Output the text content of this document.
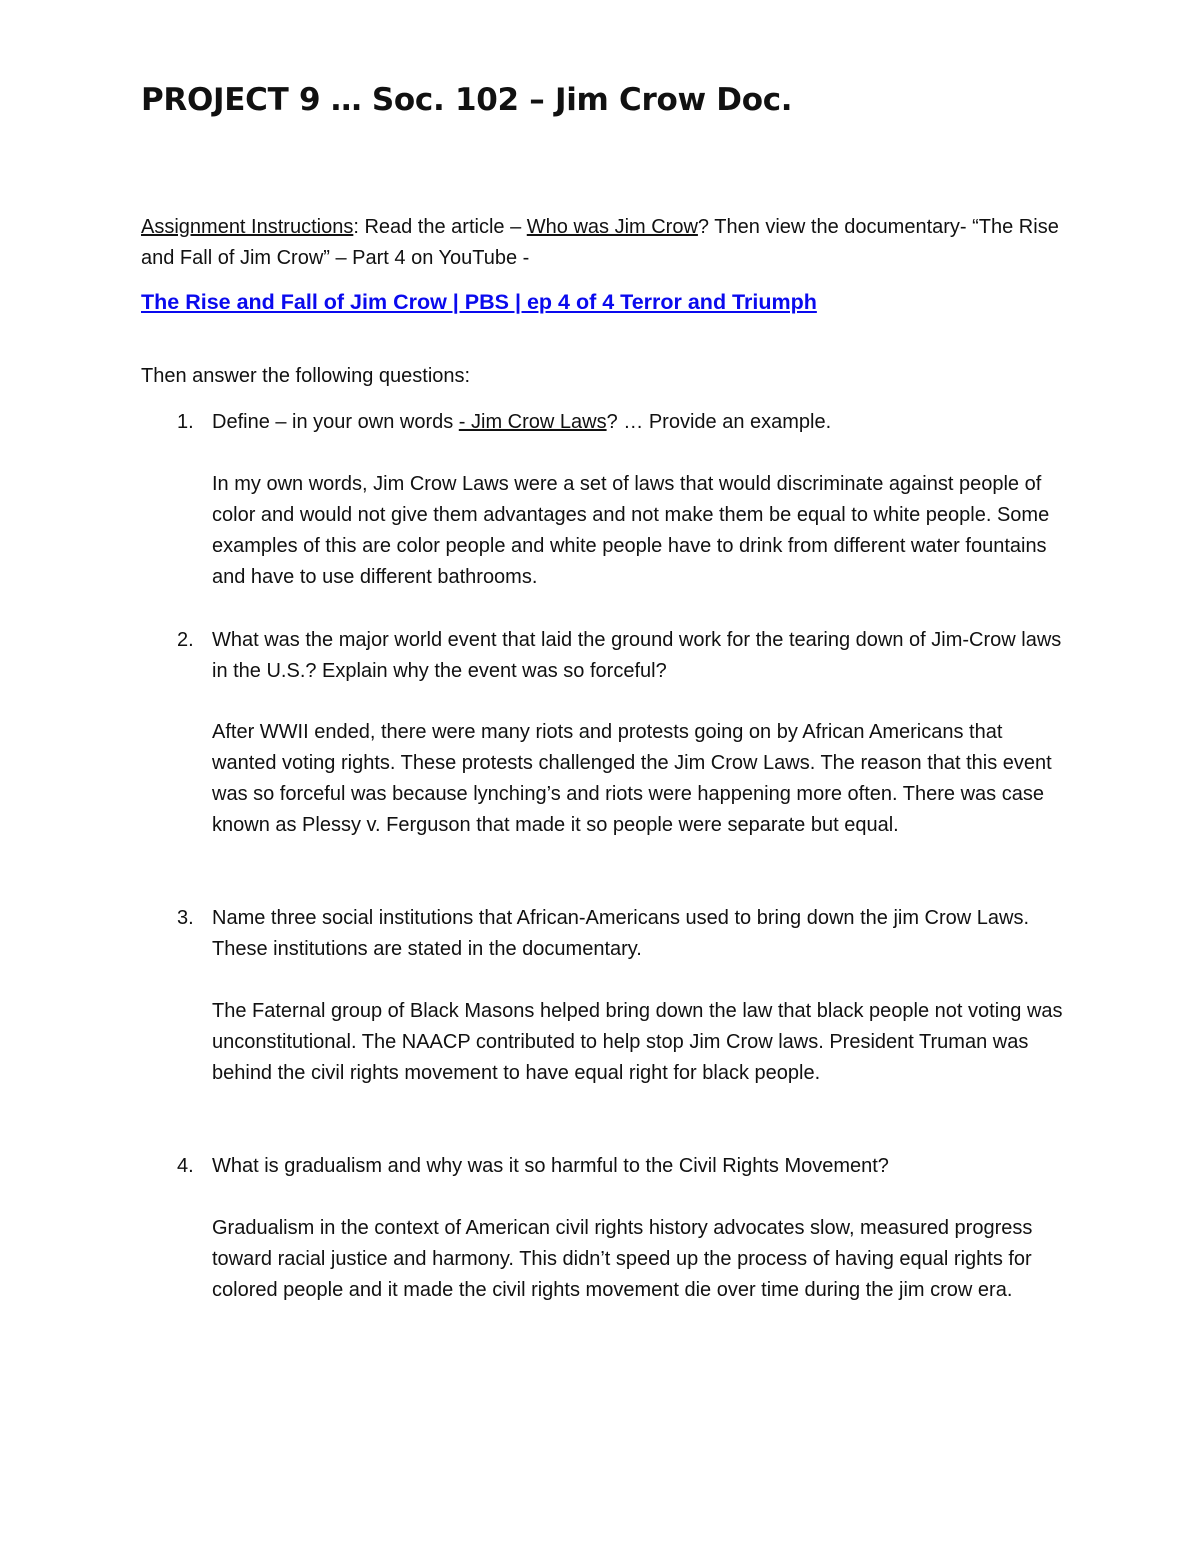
PROJECT 9 … Soc. 102 – Jim Crow Doc.
Assignment Instructions: Read the article – Who was Jim Crow? Then view the documentary- “The Rise and Fall of Jim Crow” – Part 4 on YouTube -
The Rise and Fall of Jim Crow | PBS | ep 4 of 4 Terror and Triumph
Then answer the following questions:
1. Define – in your own words - Jim Crow Laws? … Provide an example.
In my own words, Jim Crow Laws were a set of laws that would discriminate against people of color and would not give them advantages and not make them be equal to white people. Some examples of this are color people and white people have to drink from different water fountains and have to use different bathrooms.
2. What was the major world event that laid the ground work for the tearing down of Jim-Crow laws in the U.S.? Explain why the event was so forceful?
After WWII ended, there were many riots and protests going on by African Americans that wanted voting rights. These protests challenged the Jim Crow Laws. The reason that this event was so forceful was because lynching’s and riots were happening more often. There was case known as Plessy v. Ferguson that made it so people were separate but equal.
3. Name three social institutions that African-Americans used to bring down the jim Crow Laws. These institutions are stated in the documentary.
The Faternal group of Black Masons helped bring down the law that black people not voting was unconstitutional. The NAACP contributed to help stop Jim Crow laws. President Truman was behind the civil rights movement to have equal right for black people.
4. What is gradualism and why was it so harmful to the Civil Rights Movement?
Gradualism in the context of American civil rights history advocates slow, measured progress toward racial justice and harmony. This didn’t speed up the process of having equal rights for colored people and it made the civil rights movement die over time during the jim crow era.
